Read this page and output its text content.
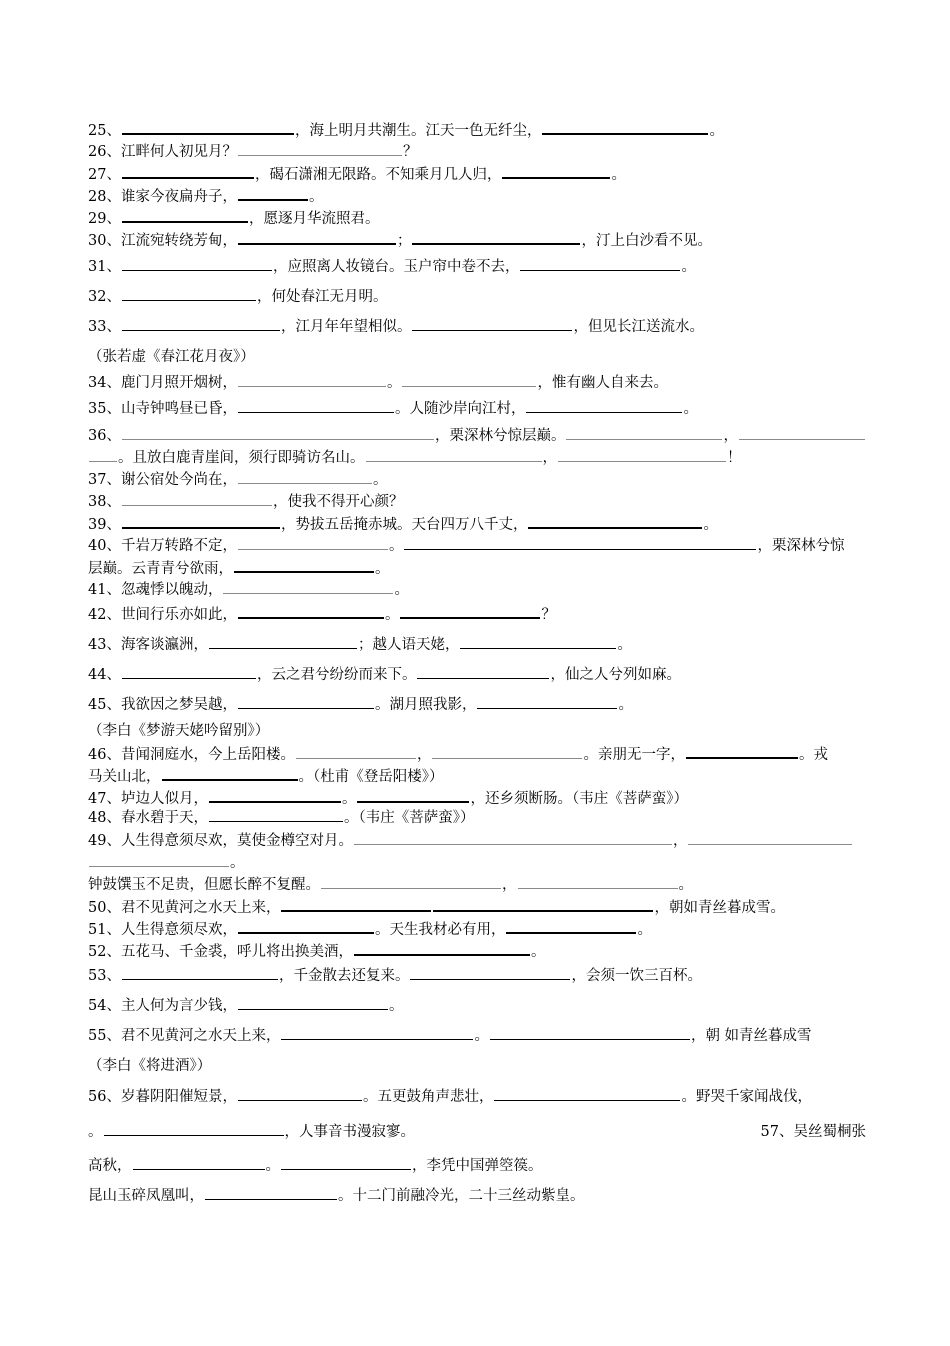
25、	，海上明月共潮生。江天一色无纤尘，	。
26、江畔何人初见月？	？
27、	，碣石潇湘无限路。不知乘月几人归，	。
28、谁家今夜扁舟子，	。
29、	，愿逐月华流照君。
30、江流宛转绕芳甸，	；	，汀上白沙看不见。
31、	，应照离人妆镜台。玉户帘中卷不去，	。
32、	，何处春江无月明。
33、	，江月年年望相似。	，但见长江送流水。
（张若虚《春江花月夜》）
34、鹿门月照开烟树，	。	，惟有幽人自来去。
35、山寺钟鸣昼已昏，	。人随沙岸向江村，	。
36、	，栗深林兮惊层巅。	，
。且放白鹿青崖间，须行即骑访名山。	，	！
37、谢公宿处今尚在，	。
38、	，使我不得开心颜？
39、	，势拔五岳掩赤城。天台四万八千丈，	。
40、千岩万转路不定，	。	，栗深林兮惊
层巅。云青青兮欲雨，	。
41、忽魂悸以魄动，	。
42、世间行乐亦如此，	。	？
43、海客谈瀛洲，	；越人语天姥，	。
44、	，云之君兮纷纷而来下。	，仙之人兮列如麻。
45、我欲因之梦吴越，	。湖月照我影，	。
（李白《梦游天姥吟留别》）
46、昔闻洞庭水，今上岳阳楼。	，	。亲朋无一字，	。戎
马关山北，	。（杜甫《登岳阳楼》）
47、垆边人似月，	。	，还乡须断肠。（韦庄《菩萨蛮》）
48、春水碧于天，	。（韦庄《菩萨蛮》）
49、人生得意须尽欢，莫使金樽空对月。	，
。
钟鼓馔玉不足贵，但愿长醉不复醒。	，	。
50、君不见黄河之水天上来，	，朝如青丝暮成雪。
51、人生得意须尽欢，	。天生我材必有用，	。
52、五花马、千金裘，呼儿将出换美酒，	。
53、	，千金散去还复来。	，会须一饮三百杯。
54、主人何为言少钱，	。
55、君不见黄河之水天上来，	。	，朝 如青丝暮成雪
（李白《将进酒》）
56、岁暮阴阳催短景，	。五更鼓角声悲壮，	。野哭千家闻战伐，
。	，人事音书漫寂寥。	57、吴丝蜀桐张
高秋，	。	，李凭中国弹箜篌。
昆山玉碎凤凰叫，	。十二门前融冷光，二十三丝动紫皇。
